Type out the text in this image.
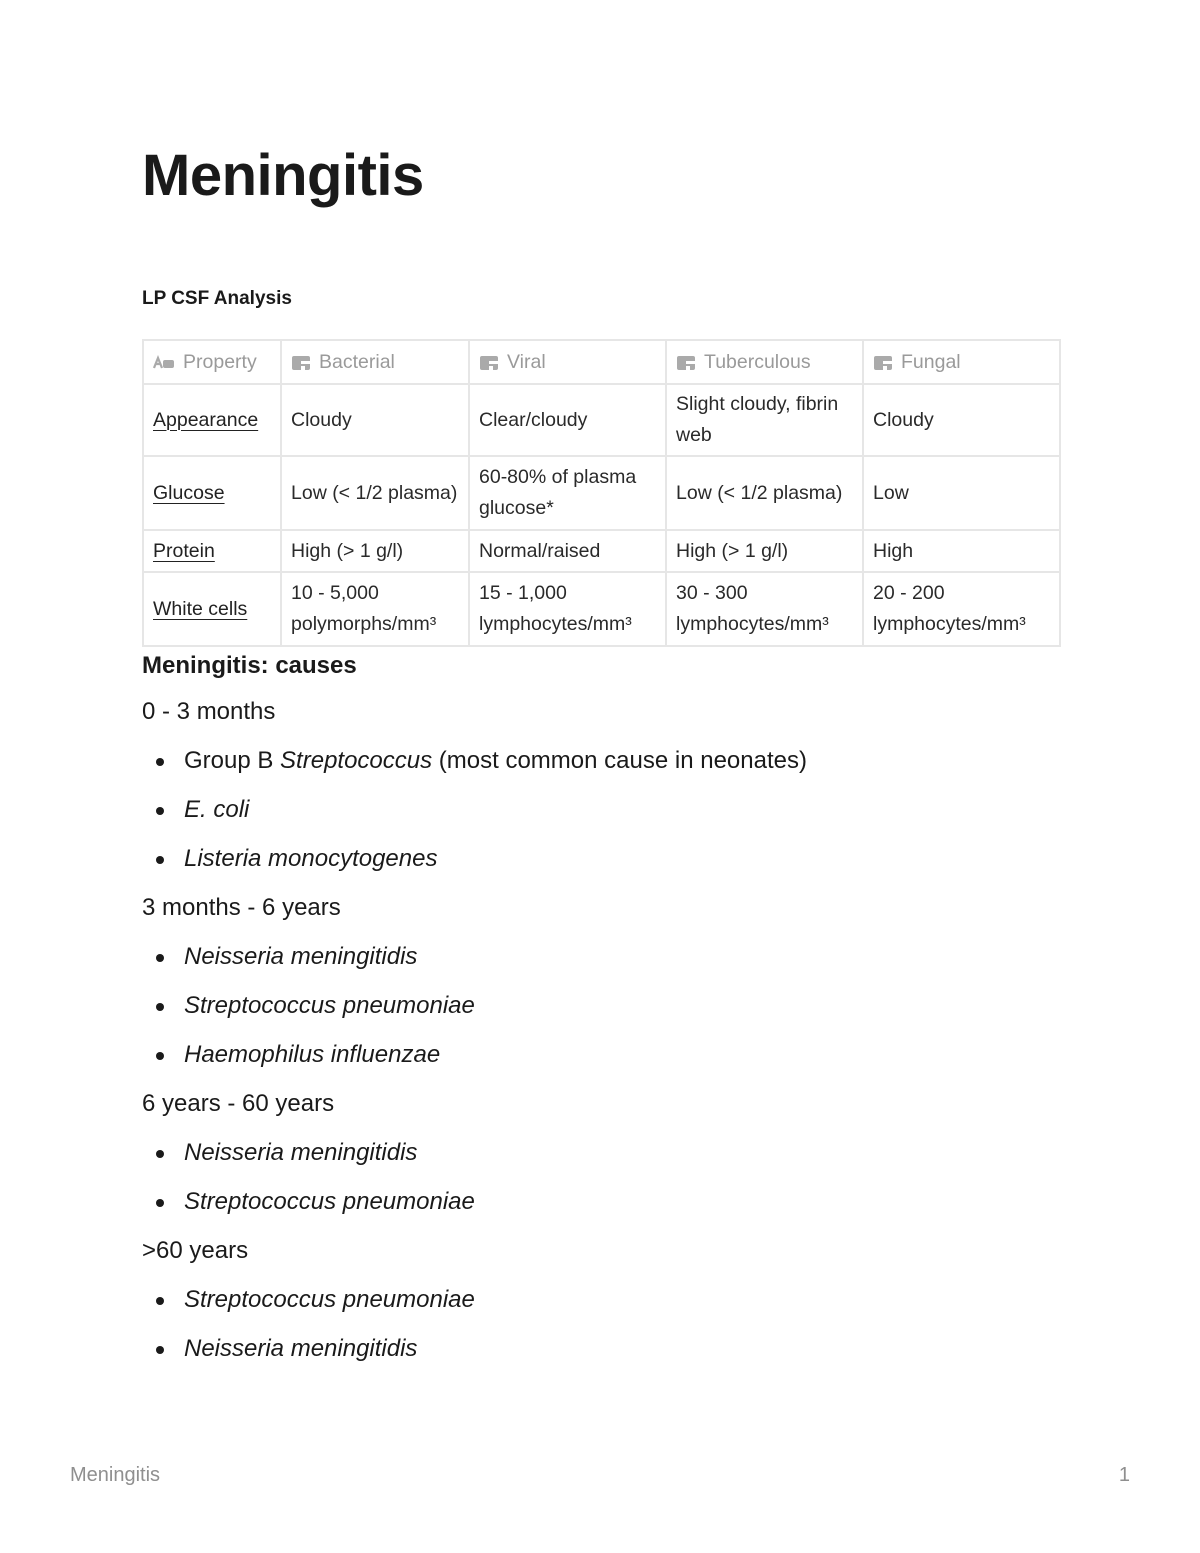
Meningitis
LP CSF Analysis
Property	Bacterial	Viral	Tuberculous	Fungal
Appearance	Cloudy	Clear/cloudy	Slight cloudy, fibrin web	Cloudy
Glucose	Low (< 1/2 plasma)	60-80% of plasma glucose*	Low (< 1/2 plasma)	Low
Protein	High (> 1 g/l)	Normal/raised	High (> 1 g/l)	High
White cells	10 - 5,000 polymorphs/mm³	15 - 1,000 lymphocytes/mm³	30 - 300 lymphocytes/mm³	20 - 200 lymphocytes/mm³
Meningitis: causes

0 - 3 months

Group B Streptococcus (most common cause in neonates)
E. coli
Listeria monocytogenes

3 months - 6 years

Neisseria meningitidis
Streptococcus pneumoniae
Haemophilus influenzae

6 years - 60 years

Neisseria meningitidis
Streptococcus pneumoniae

>60 years

Streptococcus pneumoniae
Neisseria meningitidis
Meningitis	1
